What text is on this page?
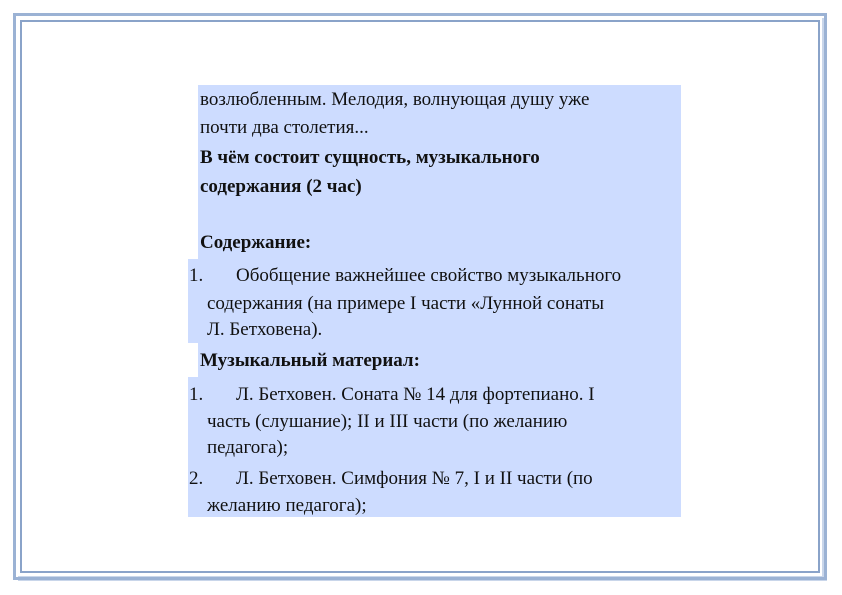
возлюбленным. Мелодия, волнующая душу уже
почти два столетия...
В чём состоит сущность, музыкального
содержания (2 час)
Содержание:
1. Обобщение важнейшее свойство музыкального
содержания (на примере I части «Лунной сонаты
Л. Бетховена).
Музыкальный материал:
1. Л. Бетховен. Соната № 14 для фортепиано. I
часть (слушание); II и III части (по желанию
педагога);
2. Л. Бетховен. Симфония № 7, I и II части (по
желанию педагога);
